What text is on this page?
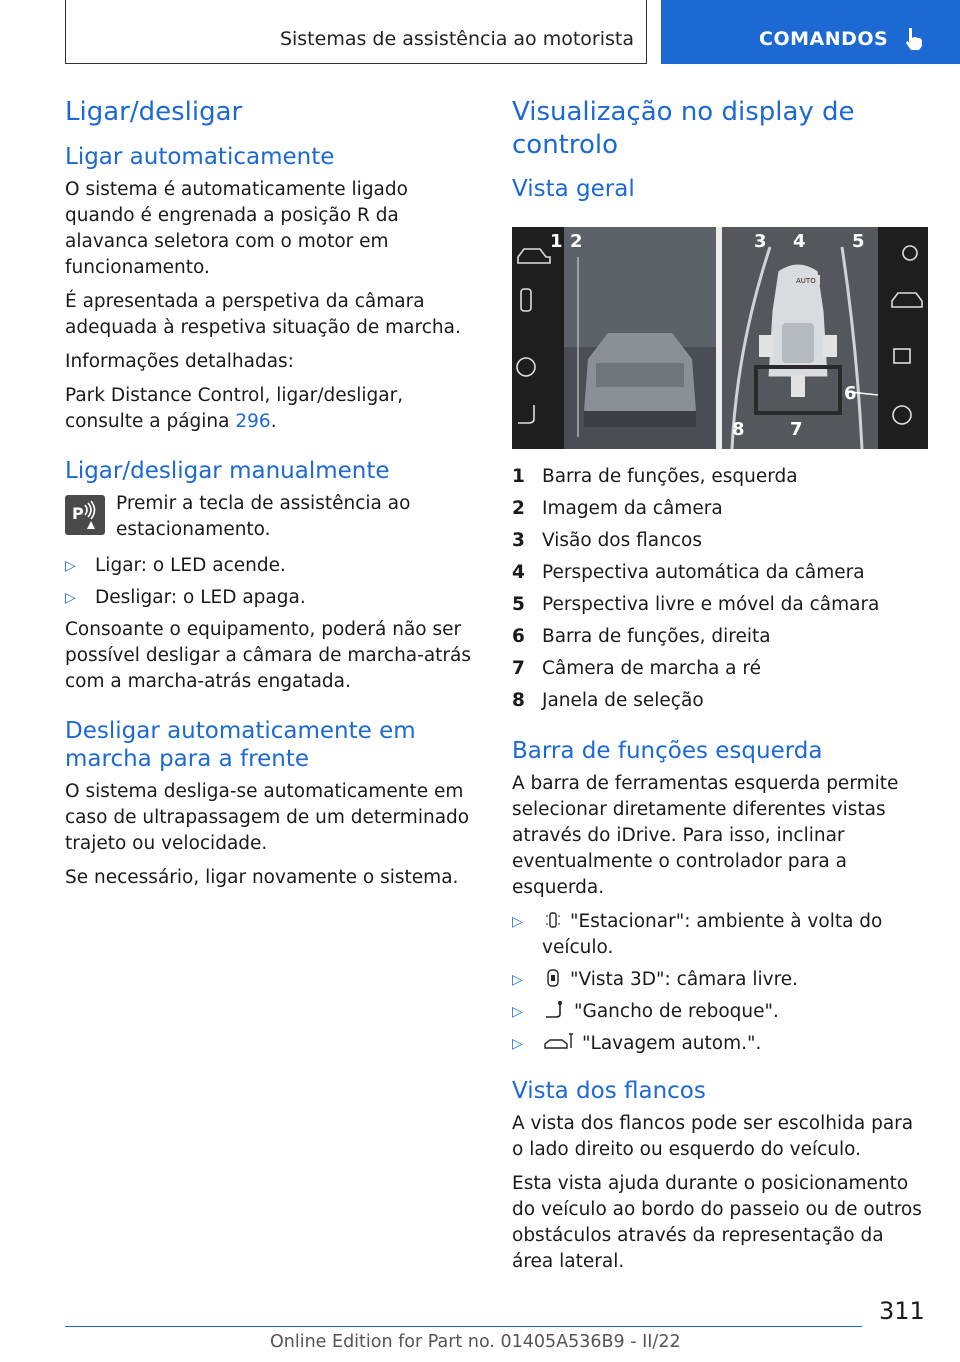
Sistemas de assistência ao motorista	COMANDOS
Ligar/desligar
Ligar automaticamente

O sistema é automaticamente ligado quando é engrenada a posição R da alavanca seletora com o motor em funcionamento.

É apresentada a perspetiva da câmara adequada à respetiva situação de marcha.

Informações detalhadas:

Park Distance Control, ligar/desligar, consulte a página 296.

Ligar/desligar manualmente
P Premir a tecla de assistência ao estacionamento.

▷ Ligar: o LED acende.
▷ Desligar: o LED apaga.

Consoante o equipamento, poderá não ser possível desligar a câmara de marcha-atrás com a marcha-atrás engatada.

Desligar automaticamente em marcha para a frente

O sistema desliga-se automaticamente em caso de ultrapassagem de um determinado trajeto ou velocidade.

Se necessário, ligar novamente o sistema.

Visualização no display de controlo
Vista geral
1 2	3 4	5
6
7
8
AUTO
1 Barra de funções, esquerda
2 Imagem da câmera
3 Visão dos flancos
4 Perspectiva automática da câmera
5 Perspectiva livre e móvel da câmara
6 Barra de funções, direita
7 Câmera de marcha a ré
8 Janela de seleção
Barra de funções esquerda

A barra de ferramentas esquerda permite selecionar diretamente diferentes vistas através do iDrive. Para isso, inclinar eventualmente o controlador para a esquerda.

▷	"Estacionar": ambiente à volta do veículo.
▷	"Vista 3D": câmara livre.
▷	"Gancho de reboque".
▷	"Lavagem autom.".
Vista dos flancos

A vista dos flancos pode ser escolhida para o lado direito ou esquerdo do veículo.

Esta vista ajuda durante o posicionamento do veículo ao bordo do passeio ou de outros obstáculos através da representação da área lateral.

311
Online Edition for Part no. 01405A536B9 - II/22
